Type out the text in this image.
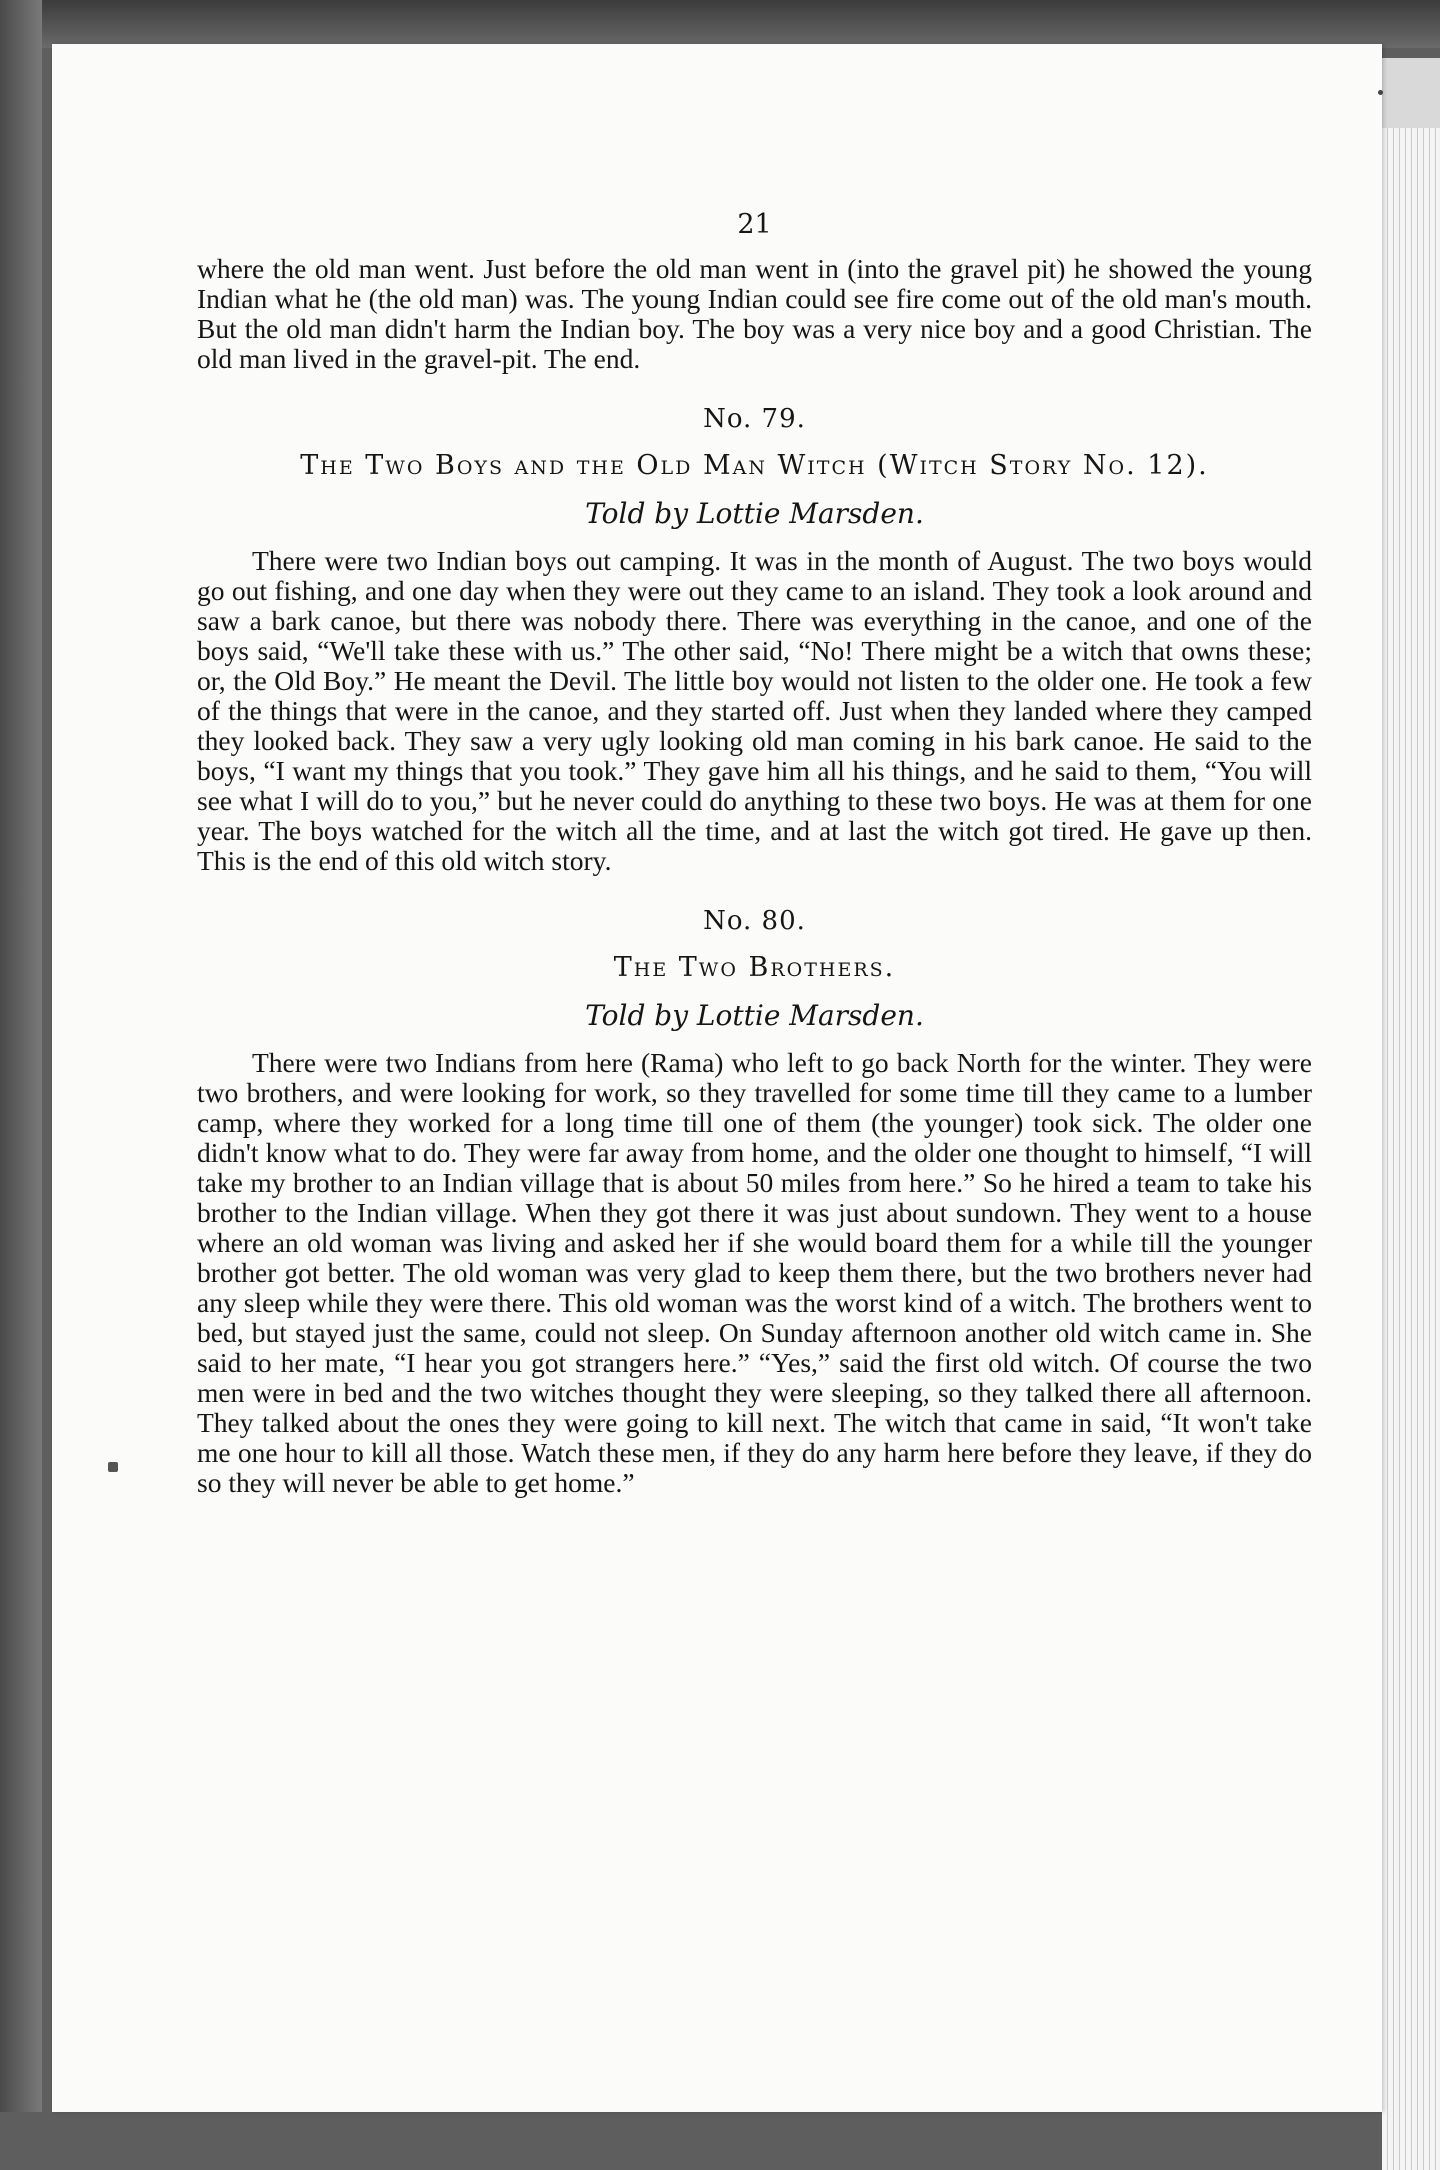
21

where the old man went. Just before the old man went in (into the gravel pit) he showed the young Indian what he (the old man) was. The young Indian could see fire come out of the old man's mouth. But the old man didn't harm the Indian boy. The boy was a very nice boy and a good Christian. The old man lived in the gravel-pit. The end.

No. 79.
The Two Boys and the Old Man Witch (Witch Story No. 12).
Told by Lottie Marsden.

There were two Indian boys out camping. It was in the month of August. The two boys would go out fishing, and one day when they were out they came to an island. They took a look around and saw a bark canoe, but there was nobody there. There was everything in the canoe, and one of the boys said, “We'll take these with us.” The other said, “No! There might be a witch that owns these; or, the Old Boy.” He meant the Devil. The little boy would not listen to the older one. He took a few of the things that were in the canoe, and they started off. Just when they landed where they camped they looked back. They saw a very ugly looking old man coming in his bark canoe. He said to the boys, “I want my things that you took.” They gave him all his things, and he said to them, “You will see what I will do to you,” but he never could do anything to these two boys. He was at them for one year. The boys watched for the witch all the time, and at last the witch got tired. He gave up then. This is the end of this old witch story.

No. 80.
The Two Brothers.
Told by Lottie Marsden.

There were two Indians from here (Rama) who left to go back North for the winter. They were two brothers, and were looking for work, so they travelled for some time till they came to a lumber camp, where they worked for a long time till one of them (the younger) took sick. The older one didn't know what to do. They were far away from home, and the older one thought to himself, “I will take my brother to an Indian village that is about 50 miles from here.” So he hired a team to take his brother to the Indian village. When they got there it was just about sundown. They went to a house where an old woman was living and asked her if she would board them for a while till the younger brother got better. The old woman was very glad to keep them there, but the two brothers never had any sleep while they were there. This old woman was the worst kind of a witch. The brothers went to bed, but stayed just the same, could not sleep. On Sunday afternoon another old witch came in. She said to her mate, “I hear you got strangers here.” “Yes,” said the first old witch. Of course the two men were in bed and the two witches thought they were sleeping, so they talked there all afternoon. They talked about the ones they were going to kill next. The witch that came in said, “It won't take me one hour to kill all those. Watch these men, if they do any harm here before they leave, if they do so they will never be able to get home.”
